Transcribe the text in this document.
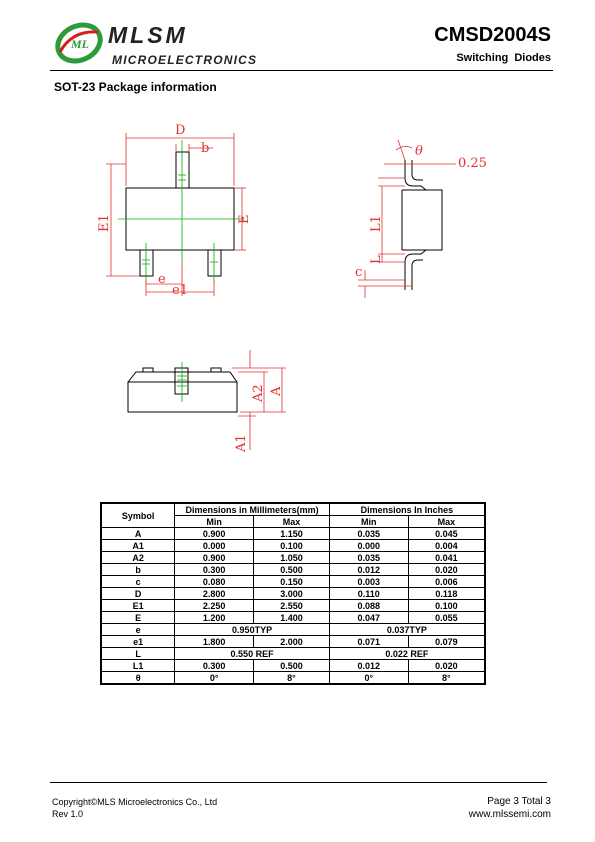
ML MLSM
MICROELECTRONICS
CMSD2004S
Switching Diodes
SOT-23 Package information
D
b
E1	E
e
e1
θ
0.25
L1
L
c
A2 A
A1
Symbol	Dimensions in Millimeters(mm)		Dimensions In Inches	
	Min	Max	Min	Max
A	0.900	1.150	0.035	0.045
A1	0.000	0.100	0.000	0.004
A2	0.900	1.050	0.035	0.041
b	0.300	0.500	0.012	0.020
c	0.080	0.150	0.003	0.006
D	2.800	3.000	0.110	0.118
E1	2.250	2.550	0.088	0.100
E	1.200	1.400	0.047	0.055
e	0.950TYP		0.037TYP	
e1	1.800	2.000	0.071	0.079
L	0.550 REF		0.022 REF	
L1	0.300	0.500	0.012	0.020
θ	0°	8°	0°	8°
Copyright©MLS Microelectronics Co., Ltd
Rev 1.0
Page 3 Total 3
www.mlssemi.com
